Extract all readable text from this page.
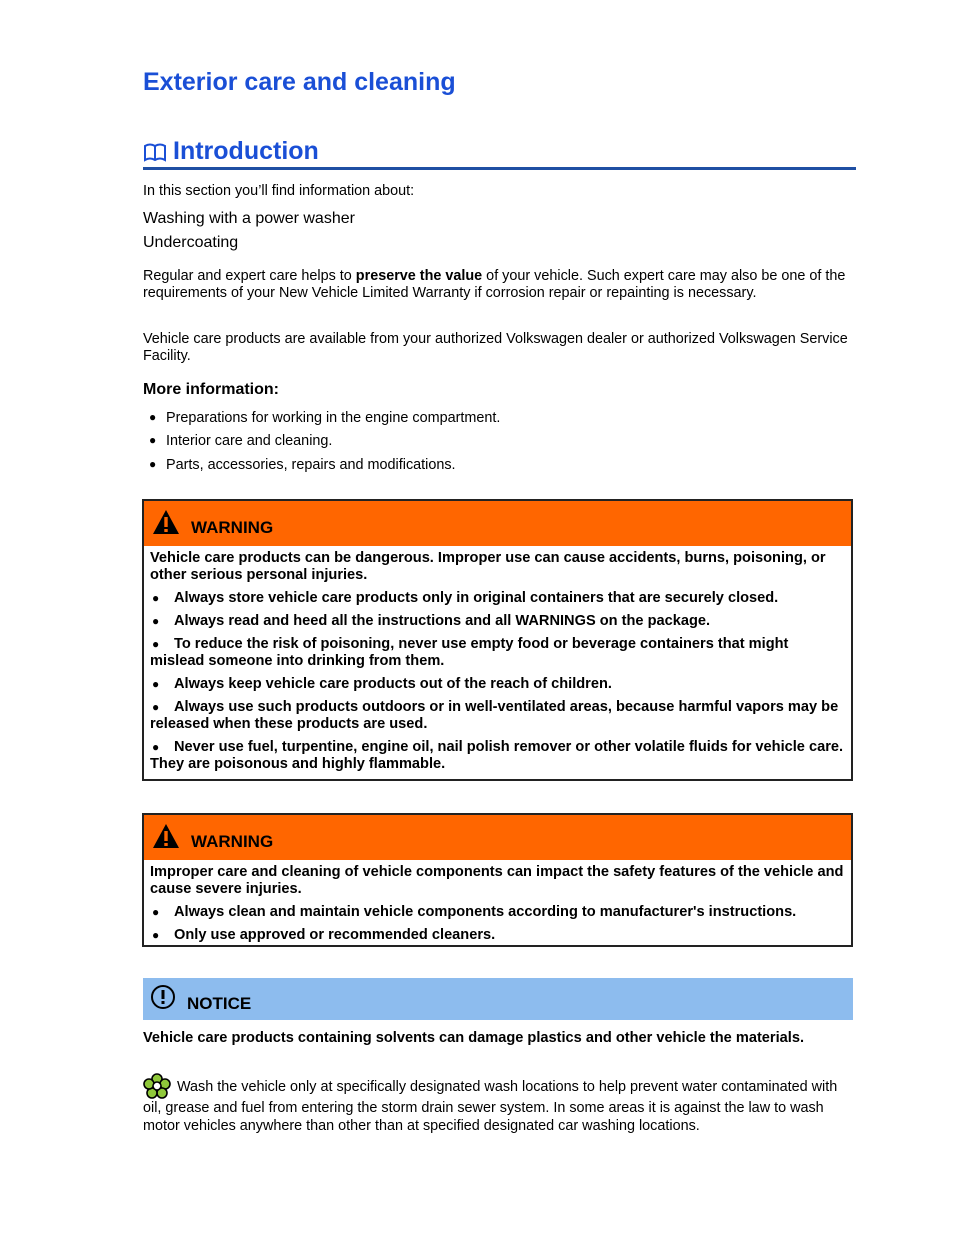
Exterior care and cleaning
Introduction

In this section you’ll find information about:

Washing with a power washer
Undercoating

Regular and expert care helps to preserve the value of your vehicle. Such expert care may also be one of the requirements of your New Vehicle Limited Warranty if corrosion repair or repainting is necessary.

Vehicle care products are available from your authorized Volkswagen dealer or authorized Volkswagen Service Facility.

More information:
● Preparations for working in the engine compartment.
● Interior care and cleaning.
● Parts, accessories, repairs and modifications.
WARNING

Vehicle care products can be dangerous. Improper use can cause accidents, burns, poisoning, or other serious personal injuries.

● Always store vehicle care products only in original containers that are securely closed.

● Always read and heed all the instructions and all WARNINGS on the package.

● To reduce the risk of poisoning, never use empty food or beverage containers that might mislead someone into drinking from them.

● Always keep vehicle care products out of the reach of children.

● Always use such products outdoors or in well-ventilated areas, because harmful vapors may be released when these products are used.

● Never use fuel, turpentine, engine oil, nail polish remover or other volatile fluids for vehicle care. They are poisonous and highly flammable.

WARNING

Improper care and cleaning of vehicle components can impact the safety features of the vehicle and cause severe injuries.

● Always clean and maintain vehicle components according to manufacturer's instructions.

● Only use approved or recommended cleaners.

NOTICE
Vehicle care products containing solvents can damage plastics and other vehicle the materials.
Wash the vehicle only at specifically designated wash locations to help prevent water contaminated with oil, grease and fuel from entering the storm drain sewer system. In some areas it is against the law to wash motor vehicles anywhere than other than at specified designated car washing locations.
